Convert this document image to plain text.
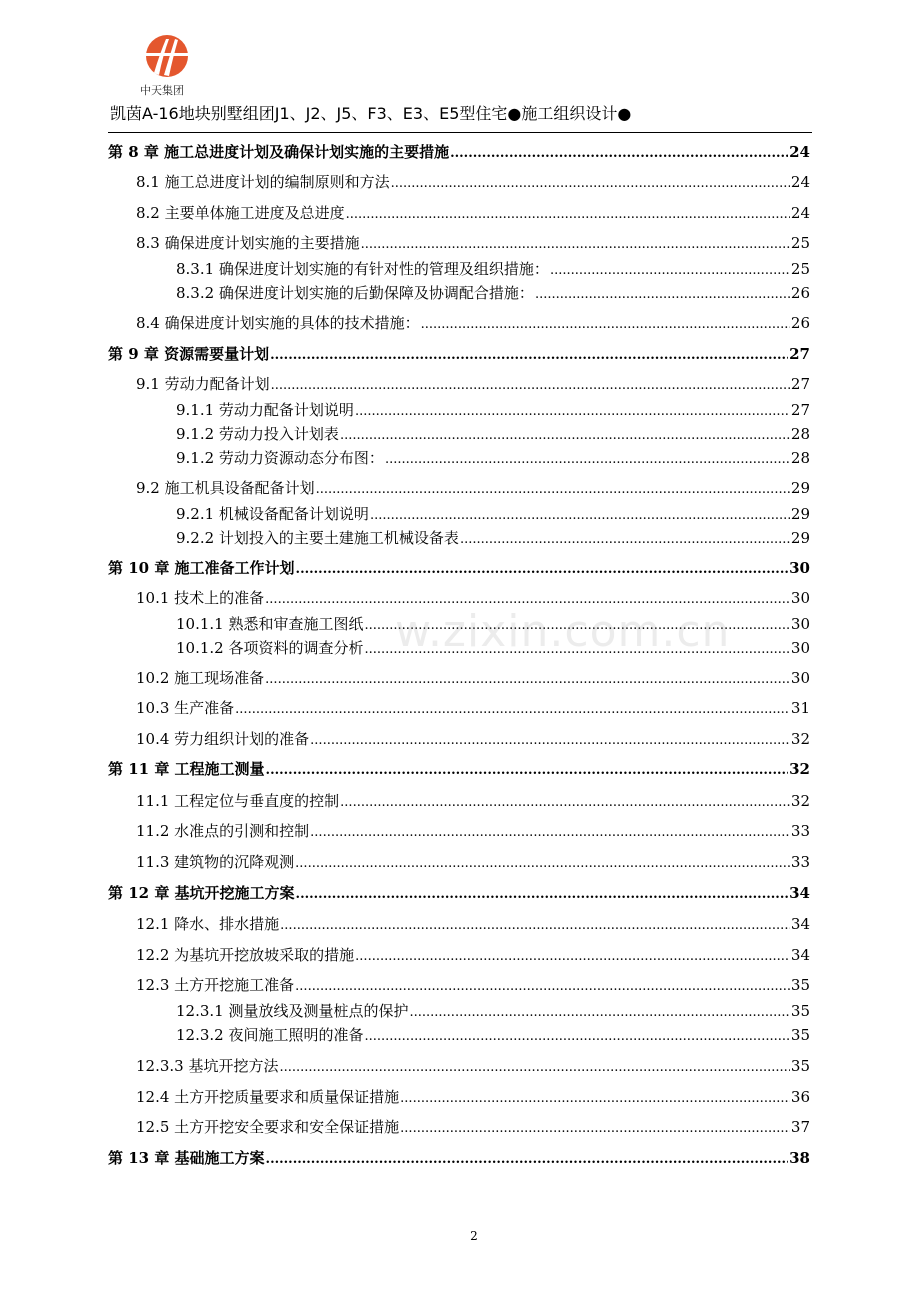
中天集团
凯茵A-16地块别墅组团J1、J2、J5、F3、E3、E5型住宅●施工组织设计●
第 8 章 施工总进度计划及确保计划实施的主要措施 .....	24
8.1 施工总进度计划的编制原则和方法 .....	24
8.2 主要单体施工进度及总进度 .....	24
8.3 确保进度计划实施的主要措施 .....	25
8.3.1 确保进度计划实施的有针对性的管理及组织措施： .....	25
8.3.2 确保进度计划实施的后勤保障及协调配合措施： .....	26
8.4 确保进度计划实施的具体的技术措施： .....	26
第 9 章 资源需要量计划 .....	27
9.1 劳动力配备计划 .....	27
9.1.1 劳动力配备计划说明 .....	27
9.1.2 劳动力投入计划表 .....	28
9.1.2 劳动力资源动态分布图： .....	28
9.2 施工机具设备配备计划 .....	29
9.2.1 机械设备配备计划说明 .....	29
9.2.2 计划投入的主要土建施工机械设备表 .....	29
第 10 章 施工准备工作计划 .....	30
10.1 技术上的准备 .....	30
10.1.1 熟悉和审查施工图纸 .....	30
10.1.2 各项资料的调查分析 .....	30
10.2 施工现场准备 .....	30
10.3 生产准备 .....	31
10.4 劳力组织计划的准备 .....	32
第 11 章 工程施工测量 .....	32
11.1 工程定位与垂直度的控制 .....	32
11.2 水准点的引测和控制 .....	33
11.3 建筑物的沉降观测 .....	33
第 12 章 基坑开挖施工方案 .....	34
12.1 降水、排水措施 .....	34
12.2 为基坑开挖放坡采取的措施 .....	34
12.3 土方开挖施工准备 .....	35
12.3.1 测量放线及测量桩点的保护 .....	35
12.3.2 夜间施工照明的准备 .....	35
12.3.3 基坑开挖方法 .....	35
12.4 土方开挖质量要求和质量保证措施 .....	36
12.5 土方开挖安全要求和安全保证措施 .....	37
第 13 章 基础施工方案 .....	38
w.zixin.com.cn
2
